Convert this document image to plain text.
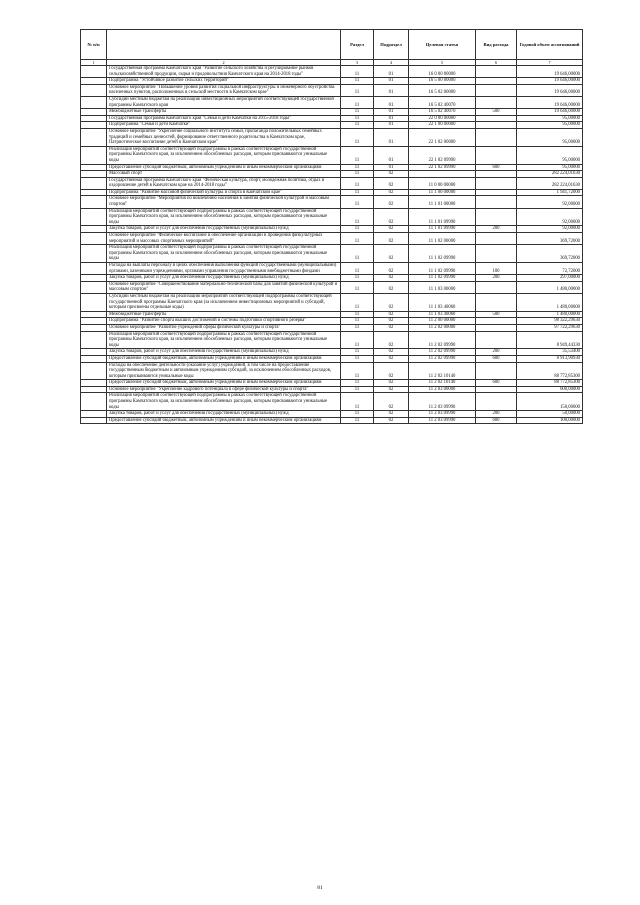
№ п/п		Раздел	Подраздел	Целевая статья	Вид расхода	Годовой объем ассигнований
1	2	3	4	5	6	7
	Государственная программа Камчатского края "Развитие сельского хозяйства и регулирование рынков сельскохозяйственной продукции, сырья и продовольствия Камчатского края на 2014-2018 годы"	11	01	16 0 00 00000		19 646,00000
	Подпрограмма "Устойчивое развитие сельских территорий"	11	01	16 5 00 00000		19 646,00000
	Основное мероприятие "Повышение уровня развития социальной инфраструктуры и инженерного обустройства населенных пунктов, расположенных в сельской местности в Камчатском крае"	11	01	16 5 02 00000		19 646,00000
	Субсидии местным бюджетам на реализацию инвестиционных мероприятий соответствующей государственной программы Камчатского края	11	01	16 5 02 40070		19 646,00000
	Межбюджетные трансферты	11	01	16 5 02 40070	500	19 646,00000
	Государственная программа Камчатского края "Семья и дети Камчатки на 2015-2018 годы"	11	01	22 0 00 00000		95,00000
	Подпрограмма "Семья и дети Камчатки"	11	01	22 1 00 00000		95,00000
	Основное мероприятие "Укрепление социального института семьи, пропаганда положительных семейных традиций и семейных ценностей, формирование ответственного родительства в Камчатском крае, Патриотическое воспитание детей в Камчатском крае"	11	01	22 1 02 00000		95,00000
	Реализация мероприятий соответствующей подпрограммы в рамках соответствующей государственной программы Камчатского края, за исключением обособленных расходов, которым присваиваются уникальные коды	11	01	22 1 02 09990		95,00000
	Предоставление субсидий бюджетным, автономным учреждениям и иным некоммерческим организациям	11	01	22 1 02 09990	600	95,00000
	Массовый спорт	11	02			282 224,01630
	Государственная программа Камчатского края "Физическая культура, спорт, молодежная политика, отдых и оздоровление детей в Камчатском крае на 2014-2018 годы"	11	02	11 0 00 00000		282 224,01630
	Подпрограмма "Развитие массовой физической культуры и спорта в Камчатском крае"	11	02	11 1 00 00000		1 941,72000
	Основное мероприятие "Мероприятия по вовлечению населения в занятия физической культурой и массовым спортом"	11	02	11 1 01 00000		92,00000
	Реализация мероприятий соответствующей подпрограммы в рамках соответствующей государственной программы Камчатского края, за исключением обособленных расходов, которым присваиваются уникальные коды	11	02	11 1 01 09990		92,00000
	Закупка товаров, работ и услуг для обеспечения государственных (муниципальных) нужд	11	02	11 1 01 09990	200	92,00000
	Основное мероприятие "Физическое воспитание и обеспечение организации и проведения физкультурных мероприятий и массовых спортивных мероприятий"	11	02	11 1 02 00000		369,72000
	Реализация мероприятий соответствующей подпрограммы в рамках соответствующей государственной программы Камчатского края, за исключением обособленных расходов, которым присваиваются уникальные коды	11	02	11 1 02 09990		369,72000
	Расходы на выплаты персоналу в целях обеспечения выполнения функций государственными (муниципальными) органами, казенными учреждениями, органами управления государственными внебюджетными фондами	11	02	11 1 02 09990	100	72,72000
	Закупка товаров, работ и услуг для обеспечения государственных (муниципальных) нужд	11	02	11 1 02 09990	200	297,00000
	Основное мероприятие "Совершенствование материально-технической базы для занятий физической культурой и массовым спортом"	11	02	11 1 03 00000		1 480,00000
	Субсидии местным бюджетам на реализацию мероприятий соответствующей подпрограммы соответствующей государственной программы Камчатского края (за исключением инвестиционных мероприятий и субсидий, которым присвоены отдельные коды)	11	02	11 1 03 40060		1 480,00000
	Межбюджетные трансферты	11	02	11 1 03 40060	500	1 480,00000
	Подпрограмма "Развитие спорта высших достижений и системы подготовки спортивного резерва"	11	02	11 2 00 00000		98 322,29630
	Основное мероприятие "Развитие учреждений сферы физической культуры и спорта"	11	02	11 2 02 00000		97 722,29630
	Реализация мероприятий соответствующей подпрограммы в рамках соответствующей государственной программы Камчатского края, за исключением обособленных расходов, которым присваиваются уникальные коды	11	02	11 2 02 09990		8 949,44330
	Закупка товаров, работ и услуг для обеспечения государственных (муниципальных) нужд	11	02	11 2 02 09990	200	35,53400
	Предоставление субсидий бюджетным, автономным учреждениям и иным некоммерческим организациям	11	02	11 2 02 09990	600	8 913,90930
	Расходы на обеспечение деятельности (оказание услуг) учреждений, в том числе на предоставление государственным бюджетным и автономным учреждениям субсидий, за исключением обособленных расходов, которым присваиваются уникальные коды	11	02	11 2 02 10140		88 772,85300
	Предоставление субсидий бюджетным, автономным учреждениям и иным некоммерческим организациям	11	02	11 2 02 10140	600	88 772,85300
	Основное мероприятие "Укрепление кадрового потенциала в сфере физической культуры и спорта"	11	02	11 2 03 00000		600,00000
	Реализация мероприятий соответствующей подпрограммы в рамках соответствующей государственной программы Камчатского края, за исключением обособленных расходов, которым присваиваются уникальные коды	11	02	11 2 03 09990		150,00000
	Закупка товаров, работ и услуг для обеспечения государственных (муниципальных) нужд	11	02	11 2 03 09990	200	50,00000
	Предоставление субсидий бюджетным, автономным учреждениям и иным некоммерческим организациям	11	02	11 2 03 09990	600	100,00000
81
